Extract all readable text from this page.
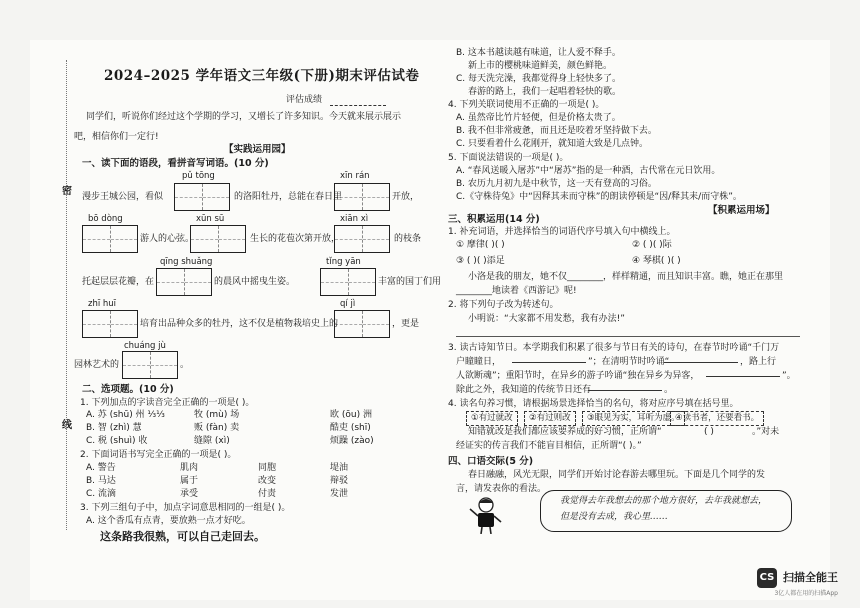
密
线
2024–2025 学年语文三年级(下册)期末评估试卷
评估成绩
同学们，听说你们经过这个学期的学习，又增长了许多知识。今天就来展示展示
吧，相信你们一定行!
【实践运用园】
一、读下面的语段，看拼音写词语。(10 分)
pǔ tōng	xīn rán
漫步王城公园，看似	的洛阳牡丹，总能在春日里	开放，
bō dòng	xūn sū	xiān xì
游人的心弦。	生长的花苞次第开放，	的枝条
qīng shuǎng	tǐng yān
托起层层花瓣，在	的晨风中摇曳生姿。	丰富的国丁们用
zhī huī	qí jì
培育出品种众多的牡丹，这不仅是植物栽培史上的	，更是
chuáng jù
园林艺术的	。
二、选项题。(10 分)
1. 下列加点的字读音完全正确的一项是( )。
A. 苏 (shū) 州 ⅓⅓	牧 (mù) 场	欧 (ōu) 洲
B. 智 (zhì) 慧	贩 (fàn) 卖	酷吏 (shī)
C. 税 (shuì) 收	缝隙 (xì)	烦躁 (zào)
2. 下面词语书写完全正确的一项是( )。
A. 警告	肌肉	同胞	堤油
B. 马达	属于	改变	辩驳
C. 流滴	承受	付责	发泄
3. 下列三组句子中，加点字词意思相同的一组是( )。
A. 这个香瓜有点青，要放熟一点才好吃。
这条路我很熟，可以自己走回去。
B. 这本书越读越有味道，让人爱不释手。
新上市的樱桃味道鲜美，颜色鲜艳。
C. 每天洗完澡，我都觉得身上轻快多了。
春游的路上，我们一起唱着轻快的歌。
4. 下列关联词使用不正确的一项是( )。
A. 虽然帝比竹片轻便，但是价格太贵了。
B. 我不但非常疲惫，而且还是咬着牙坚持做下去。
C. 只要看着什么花刚开，就知道大致是几点钟。
5. 下面说法错误的一项是( )。
A. “春风送暖入屠苏”中“屠苏”指的是一种酒，古代常在元日饮用。
B. 农历九月初九是中秋节，这一天有登高的习俗。
C.《守株待兔》中“因释其耒而守株”的朗读停顿是“因/释其耒/而守株”。
【积累运用场】
三、积累运用(14 分)
1. 补充词语，并选择恰当的词语代序号填入句中横线上。
① 摩律( )( )	② ( )( )际
③ ( )( )添足	④ 琴棋( )( )
小洛是我的朋友，她不仅________，样样精通，而且知识丰富。瞧，她正在那里
________地读着《西游记》呢!
2. 将下列句子改为转述句。
小明说：“大家都不用发愁，我有办法!”
3. 读古诗知节日。本学期我们积累了很多与节日有关的诗句，在春节时吟诵“千门万
户瞳瞳日，	”；在清明节时吟诵“	，路上行
人欲断魂”；重阳节时，在异乡的游子吟诵“独在异乡为异客，	”。
除此之外，我知道的传统节日还有	。
4. 读名句养习惯，请根据场景选择恰当的名句，将对应序号填在括号里。
①有过就改	②有过则改	③眼见为实，耳听为虚。
④读书者，还要看书。
知错就改是我们都应该要养成的好习惯，正所谓“	( )	。”对未
经证实的传言我们不能盲目相信，正所谓“( )。”
四、口语交际(5 分)
春日融融，风光无限，同学们开始讨论春游去哪里玩。下面是几个同学的发
言，请发表你的看法。
我觉得去年我想去的那个地方很好，去年我就想去，
但是没有去成，我心里……
CS 扫描全能王
3亿人都在用的扫描App
